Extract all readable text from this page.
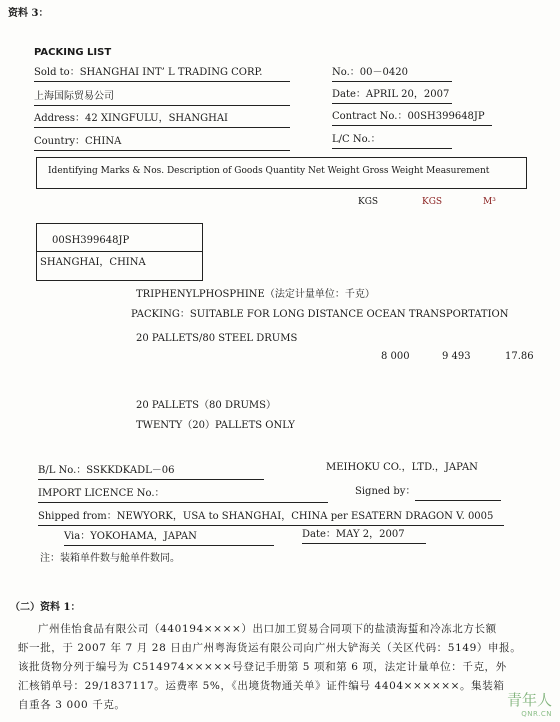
资料 3：
PACKING LIST
Sold to：SHANGHAI INT’ L TRADING CORP.
上海国际贸易公司
Address：42 XINGFULU，SHANGHAI
Country：CHINA
No.：00－0420
Date：APRIL 20，2007
Contract No.：00SH399648JP
L/C No.：
Identifying Marks & Nos. Description of Goods Quantity Net Weight Gross Weight Measurement
KGS	KGS	M³
00SH399648JP
SHANGHAI，CHINA
TRIPHENYLPHOSPHINE（法定计量单位：千克）
PACKING：SUITABLE FOR LONG DISTANCE OCEAN TRANSPORTATION
20 PALLETS/80 STEEL DRUMS
8 000	9 493	17.86
20 PALLETS（80 DRUMS）
TWENTY（20）PALLETS ONLY
B/L No.：SSKKDKADL－06	MEIHOKU CO.，LTD.，JAPAN
IMPORT LICENCE No.：	Signed by：
Shipped from：NEWYORK，USA to SHANGHAI，CHINA per ESATERN DRAGON V. 0005
Via：YOKOHAMA，JAPAN	Date：MAY 2，2007
注：装箱单件数与舱单件数同。
（二）资料 1：

广州佳怡食品有限公司（440194××××）出口加工贸易合同项下的盐渍海蜇和冷冻北方长额

虾一批，于 2007 年 7 月 28 日由广州粤海货运有限公司向广州大铲海关（关区代码：5149）申报。

该批货物分列于编号为 C514974×××××号登记手册第 5 项和第 6 项，法定计量单位：千克，外

汇核销单号：29/1837117。运费率 5%，《出境货物通关单》证件编号 4404××××××。集装箱

自重各 3 000 千克。	青年人
QNR.CN
